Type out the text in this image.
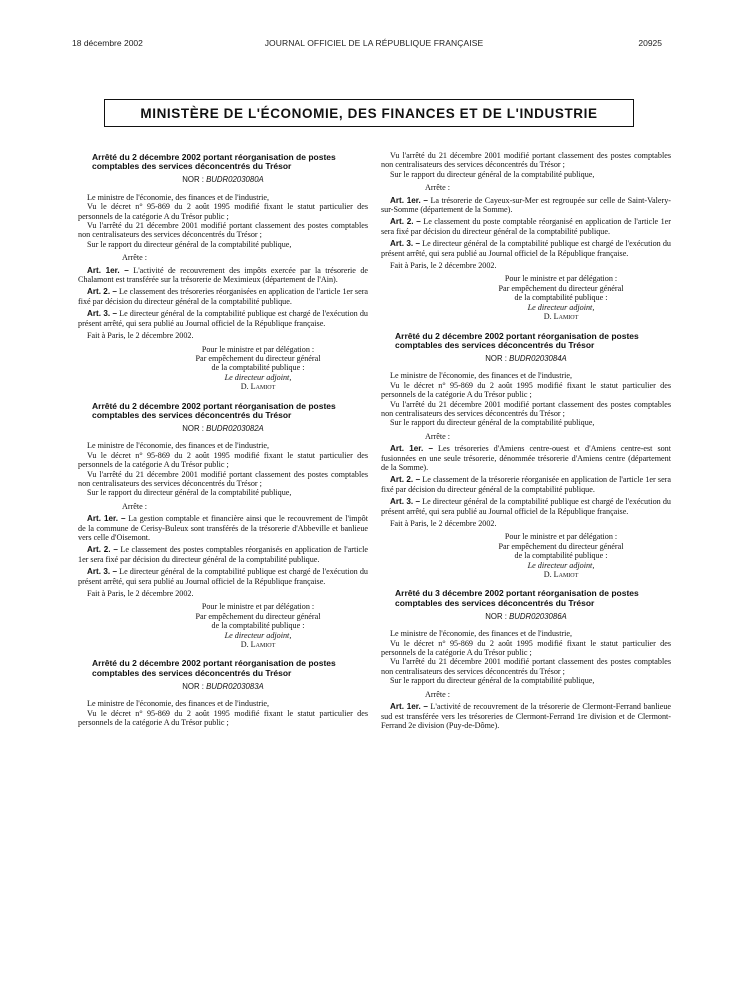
18 décembre 2002	JOURNAL OFFICIEL DE LA RÉPUBLIQUE FRANÇAISE	20925
MINISTÈRE DE L'ÉCONOMIE, DES FINANCES ET DE L'INDUSTRIE
Arrêté du 2 décembre 2002 portant réorganisation de postes comptables des services déconcentrés du Trésor
NOR : BUDR0203080A

Le ministre de l'économie, des finances et de l'industrie,

Vu le décret n° 95-869 du 2 août 1995 modifié fixant le statut particulier des personnels de la catégorie A du Trésor public ;

Vu l'arrêté du 21 décembre 2001 modifié portant classement des postes comptables non centralisateurs des services déconcentrés du Trésor ;

Sur le rapport du directeur général de la comptabilité publique,

Arrête :

Art. 1er. – L'activité de recouvrement des impôts exercée par la trésorerie de Chalamont est transférée sur la trésorerie de Meximieux (département de l'Ain).

Art. 2. – Le classement des trésoreries réorganisées en application de l'article 1er sera fixé par décision du directeur général de la comptabilité publique.

Art. 3. – Le directeur général de la comptabilité publique est chargé de l'exécution du présent arrêté, qui sera publié au Journal officiel de la République française.

Fait à Paris, le 2 décembre 2002.

Pour le ministre et par délégation :
Par empêchement du directeur général
de la comptabilité publique :
Le directeur adjoint,
D. Lamiot
Arrêté du 2 décembre 2002 portant réorganisation de postes comptables des services déconcentrés du Trésor
NOR : BUDR0203082A

Le ministre de l'économie, des finances et de l'industrie,

Vu le décret n° 95-869 du 2 août 1995 modifié fixant le statut particulier des personnels de la catégorie A du Trésor public ;

Vu l'arrêté du 21 décembre 2001 modifié portant classement des postes comptables non centralisateurs des services déconcentrés du Trésor ;

Sur le rapport du directeur général de la comptabilité publique,

Arrête :

Art. 1er. – La gestion comptable et financière ainsi que le recouvrement de l'impôt de la commune de Cerisy-Buleux sont transférés de la trésorerie d'Abbeville et banlieue vers celle d'Oisemont.

Art. 2. – Le classement des postes comptables réorganisés en application de l'article 1er sera fixé par décision du directeur général de la comptabilité publique.

Art. 3. – Le directeur général de la comptabilité publique est chargé de l'exécution du présent arrêté, qui sera publié au Journal officiel de la République française.

Fait à Paris, le 2 décembre 2002.

Pour le ministre et par délégation :
Par empêchement du directeur général
de la comptabilité publique :
Le directeur adjoint,
D. Lamiot
Arrêté du 2 décembre 2002 portant réorganisation de postes comptables des services déconcentrés du Trésor
NOR : BUDR0203083A

Le ministre de l'économie, des finances et de l'industrie,

Vu le décret n° 95-869 du 2 août 1995 modifié fixant le statut particulier des personnels de la catégorie A du Trésor public ;

Vu l'arrêté du 21 décembre 2001 modifié portant classement des postes comptables non centralisateurs des services déconcentrés du Trésor ;

Sur le rapport du directeur général de la comptabilité publique,

Arrête :

Art. 1er. – La trésorerie de Cayeux-sur-Mer est regroupée sur celle de Saint-Valery-sur-Somme (département de la Somme).

Art. 2. – Le classement du poste comptable réorganisé en application de l'article 1er sera fixé par décision du directeur général de la comptabilité publique.

Art. 3. – Le directeur général de la comptabilité publique est chargé de l'exécution du présent arrêté, qui sera publié au Journal officiel de la République française.

Fait à Paris, le 2 décembre 2002.

Pour le ministre et par délégation :
Par empêchement du directeur général
de la comptabilité publique :
Le directeur adjoint,
D. Lamiot
Arrêté du 2 décembre 2002 portant réorganisation de postes comptables des services déconcentrés du Trésor
NOR : BUDR0203084A

Le ministre de l'économie, des finances et de l'industrie,

Vu le décret n° 95-869 du 2 août 1995 modifié fixant le statut particulier des personnels de la catégorie A du Trésor public ;

Vu l'arrêté du 21 décembre 2001 modifié portant classement des postes comptables non centralisateurs des services déconcentrés du Trésor ;

Sur le rapport du directeur général de la comptabilité publique,

Arrête :

Art. 1er. – Les trésoreries d'Amiens centre-ouest et d'Amiens centre-est sont fusionnées en une seule trésorerie, dénommée trésorerie d'Amiens centre (département de la Somme).

Art. 2. – Le classement de la trésorerie réorganisée en application de l'article 1er sera fixé par décision du directeur général de la comptabilité publique.

Art. 3. – Le directeur général de la comptabilité publique est chargé de l'exécution du présent arrêté, qui sera publié au Journal officiel de la République française.

Fait à Paris, le 2 décembre 2002.

Pour le ministre et par délégation :
Par empêchement du directeur général
de la comptabilité publique :
Le directeur adjoint,
D. Lamiot
Arrêté du 3 décembre 2002 portant réorganisation de postes comptables des services déconcentrés du Trésor
NOR : BUDR0203086A

Le ministre de l'économie, des finances et de l'industrie,

Vu le décret n° 95-869 du 2 août 1995 modifié fixant le statut particulier des personnels de la catégorie A du Trésor public ;

Vu l'arrêté du 21 décembre 2001 modifié portant classement des postes comptables non centralisateurs des services déconcentrés du Trésor ;

Sur le rapport du directeur général de la comptabilité publique,

Arrête :

Art. 1er. – L'activité de recouvrement de la trésorerie de Clermont-Ferrand banlieue sud est transférée vers les trésoreries de Clermont-Ferrand 1re division et de Clermont-Ferrand 2e division (Puy-de-Dôme).
